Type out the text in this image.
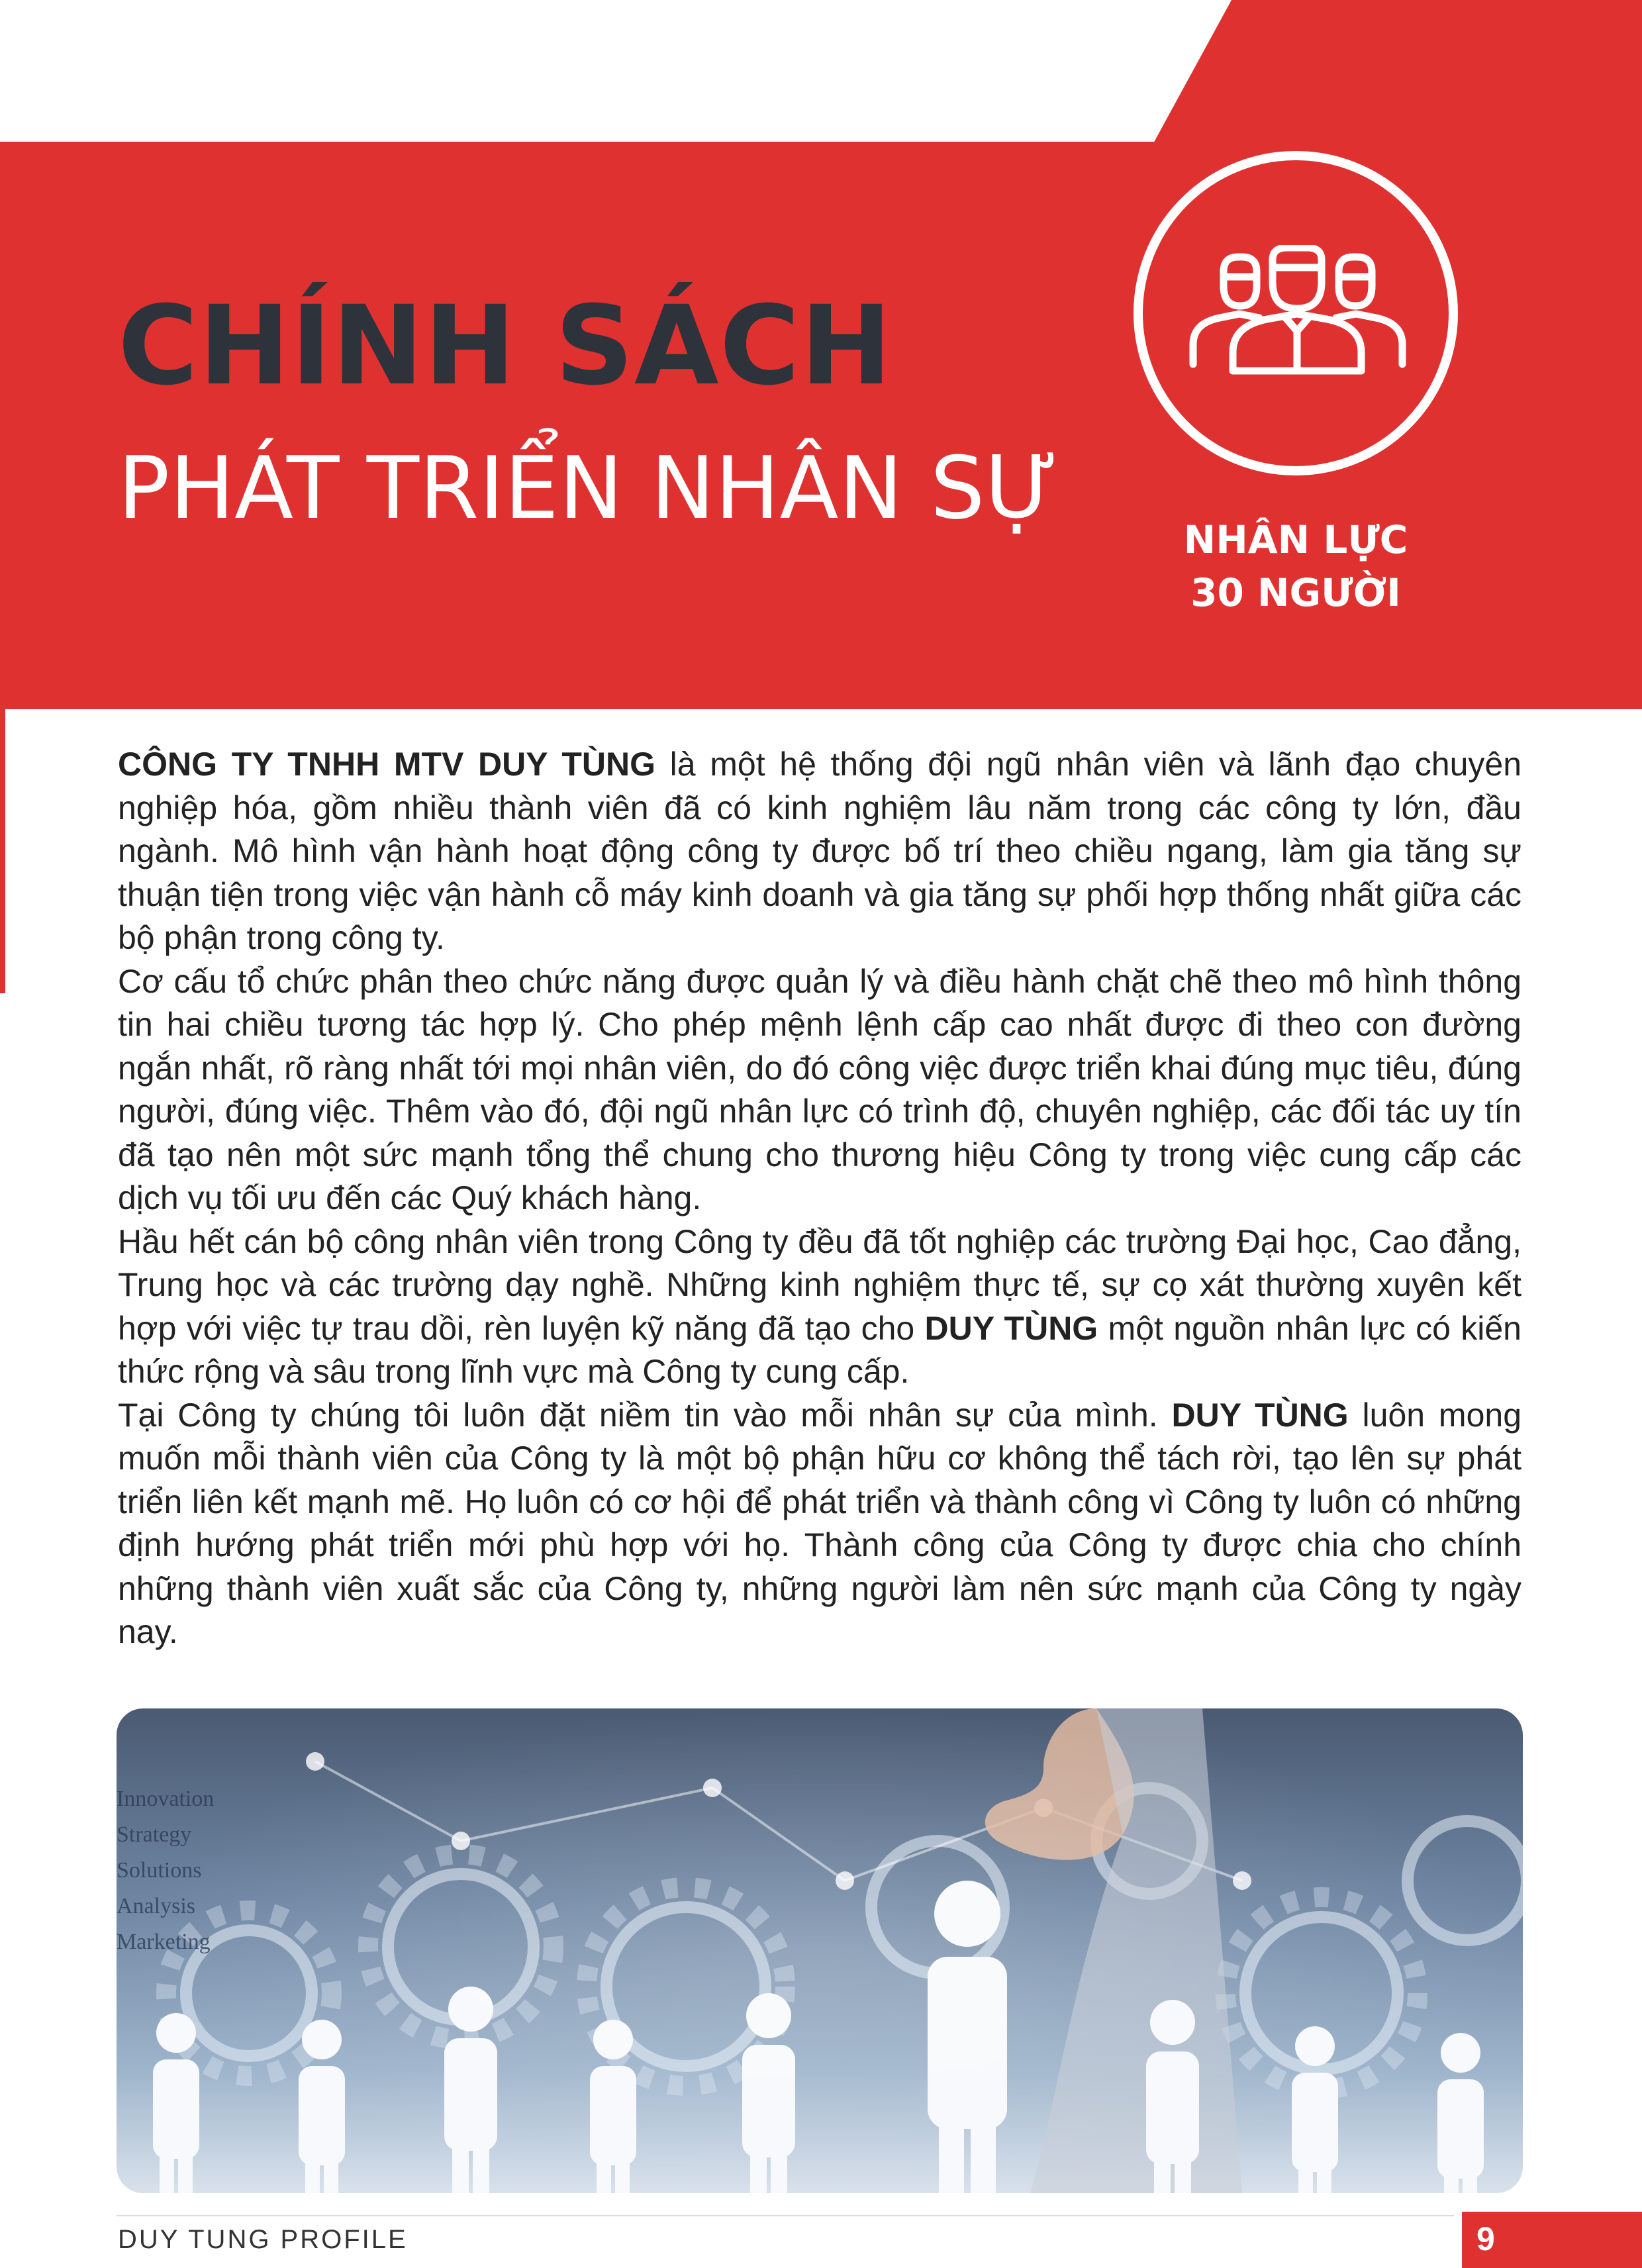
CHÍNH SÁCH
PHÁT TRIỂN NHÂN SỰ
NHÂN LỰC
30 NGƯỜI

CÔNG TY TNHH MTV DUY TÙNG là một hệ thống đội ngũ nhân viên và lãnh đạo chuyên nghiệp hóa, gồm nhiều thành viên đã có kinh nghiệm lâu năm trong các công ty lớn, đầu ngành. Mô hình vận hành hoạt động công ty được bố trí theo chiều ngang, làm gia tăng sự thuận tiện trong việc vận hành cỗ máy kinh doanh và gia tăng sự phối hợp thống nhất giữa các bộ phận trong công ty.

Cơ cấu tổ chức phân theo chức năng được quản lý và điều hành chặt chẽ theo mô hình thông tin hai chiều tương tác hợp lý. Cho phép mệnh lệnh cấp cao nhất được đi theo con đường ngắn nhất, rõ ràng nhất tới mọi nhân viên, do đó công việc được triển khai đúng mục tiêu, đúng người, đúng việc. Thêm vào đó, đội ngũ nhân lực có trình độ, chuyên nghiệp, các đối tác uy tín đã tạo nên một sức mạnh tổng thể chung cho thương hiệu Công ty trong việc cung cấp các dịch vụ tối ưu đến các Quý khách hàng.

Hầu hết cán bộ công nhân viên trong Công ty đều đã tốt nghiệp các trường Đại học, Cao đẳng, Trung học và các trường dạy nghề. Những kinh nghiệm thực tế, sự cọ xát thường xuyên kết hợp với việc tự trau dồi, rèn luyện kỹ năng đã tạo cho DUY TÙNG một nguồn nhân lực có kiến thức rộng và sâu trong lĩnh vực mà Công ty cung cấp.

Tại Công ty chúng tôi luôn đặt niềm tin vào mỗi nhân sự của mình. DUY TÙNG luôn mong muốn mỗi thành viên của Công ty là một bộ phận hữu cơ không thể tách rời, tạo lên sự phát triển liên kết mạnh mẽ. Họ luôn có cơ hội để phát triển và thành công vì Công ty luôn có những định hướng phát triển mới phù hợp với họ. Thành công của Công ty được chia cho chính những thành viên xuất sắc của Công ty, những người làm nên sức mạnh của Công ty ngày nay.

Innovation
Strategy
Solutions
Analysis
Marketing
DUY TUNG PROFILE	9
